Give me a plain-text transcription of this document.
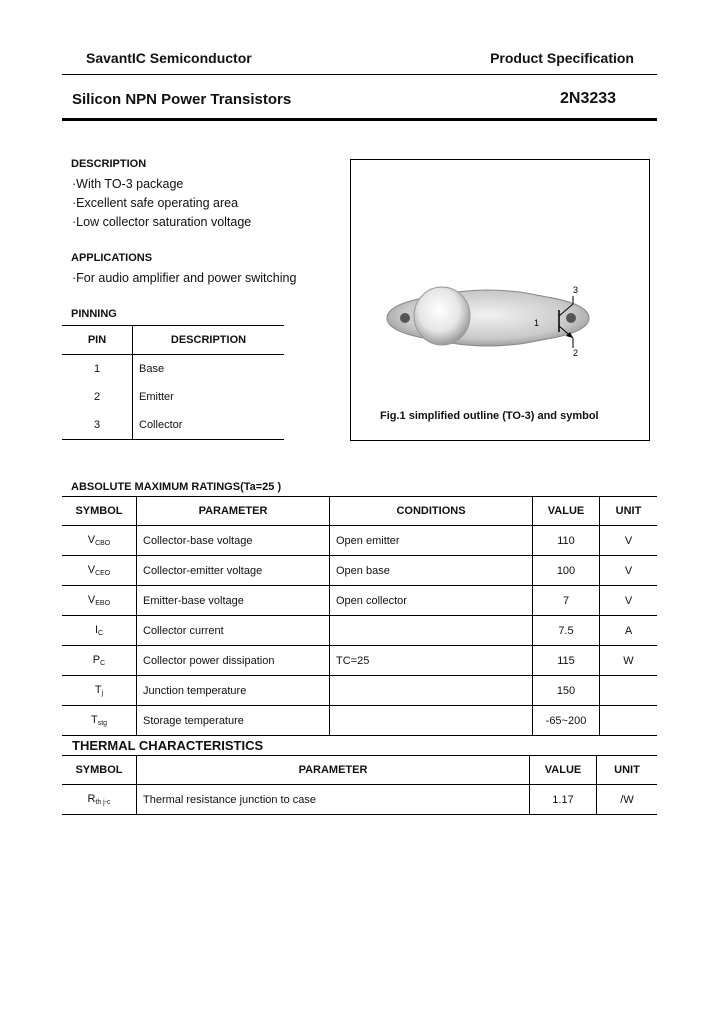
SavantIC Semiconductor	Product Specification
Silicon NPN Power Transistors	2N3233
DESCRIPTION
·With TO-3 package
·Excellent safe operating area
·Low collector saturation voltage
APPLICATIONS
·For audio amplifier and power switching
PINNING
PIN	DESCRIPTION
1	Base
2	Emitter
3	Collector
3
1
2
Fig.1 simplified outline (TO-3) and symbol
ABSOLUTE MAXIMUM RATINGS(Ta=25 )
SYMBOL	PARAMETER	CONDITIONS	VALUE	UNIT
$V_{CBO}$	Collector-base voltage	Open emitter	110	V
$V_{CEO}$	Collector-emitter voltage	Open base	100	V
$V_{EBO}$	Emitter-base voltage	Open collector	7	V
$I_C$	Collector current		7.5	A
$P_C$	Collector power dissipation	TC=25	115	W
$T_j$	Junction temperature		150	
$T_{stg}$	Storage temperature		-65~200	
THERMAL CHARACTERISTICS
SYMBOL	PARAMETER	VALUE	UNIT
$R_{th j-c}$	Thermal resistance junction to case	1.17	/W
